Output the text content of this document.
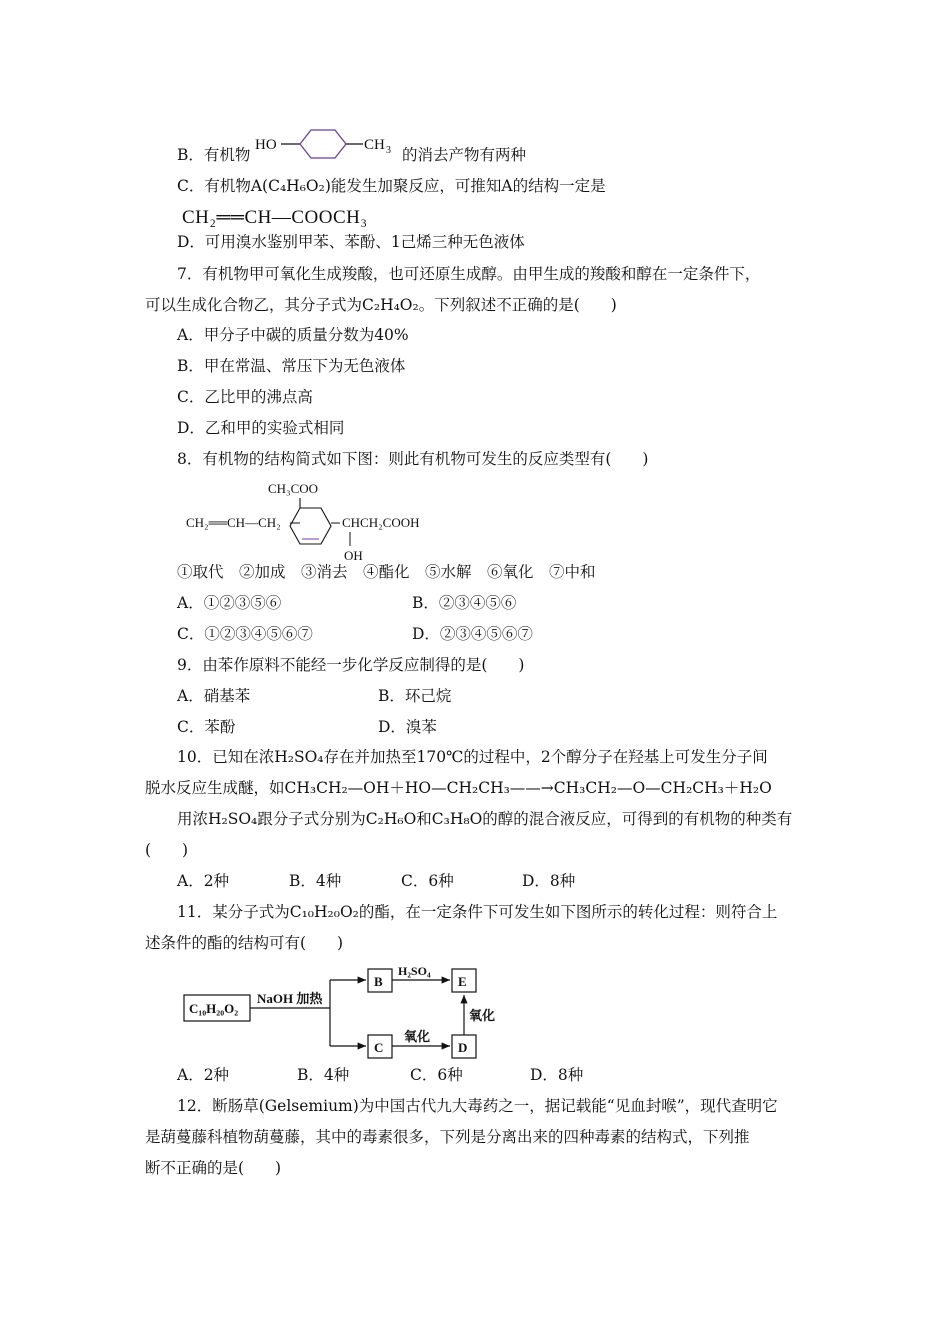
B．有机物
HO	CH 3 的消去产物有两种
C．有机物A(C₄H₆O₂)能发生加聚反应，可推知A的结构一定是
CH₂══CH—COOCH₃
D．可用溴水鉴别甲苯、苯酚、1己烯三种无色液体
7．有机物甲可氧化生成羧酸，也可还原生成醇。由甲生成的羧酸和醇在一定条件下，
可以生成化合物乙，其分子式为C₂H₄O₂。下列叙述不正确的是(　　)
A．甲分子中碳的质量分数为40%
B．甲在常温、常压下为无色液体
C．乙比甲的沸点高
D．乙和甲的实验式相同
8．有机物的结构简式如下图：则此有机物可发生的反应类型有(　　)
CH₃COO
CH₂══CH—CH₂	CHCH₂COOH
OH
①取代　②加成　③消去　④酯化　⑤水解　⑥氧化　⑦中和
A．①②③⑤⑥	B．②③④⑤⑥
C．①②③④⑤⑥⑦	D．②③④⑤⑥⑦
9．由苯作原料不能经一步化学反应制得的是(　　)
A．硝基苯	B．环己烷
C．苯酚	D．溴苯
10．已知在浓H₂SO₄存在并加热至170℃的过程中，2个醇分子在羟基上可发生分子间
脱水反应生成醚，如CH₃CH₂—OH＋HO—CH₂CH₃——→CH₃CH₂—O—CH₂CH₃＋H₂O
用浓H₂SO₄跟分子式分别为C₂H₆O和C₃H₈O的醇的混合液反应，可得到的有机物的种类有
(　　)
A．2种	B．4种	C．6种	D．8种
11．某分子式为C₁₀H₂₀O₂的酯，在一定条件下可发生如下图所示的转化过程：则符合上
述条件的酯的结构可有(　　)
C₁₀H₂₀O₂
NaOH 加热
B
C
H₂SO₄
氧化
E
D
氧化
A．2种	B．4种	C．6种	D．8种
12．断肠草(Gelsemium)为中国古代九大毒药之一，据记载能“见血封喉”，现代查明它
是葫蔓藤科植物葫蔓藤，其中的毒素很多，下列是分离出来的四种毒素的结构式，下列推
断不正确的是(　　)
